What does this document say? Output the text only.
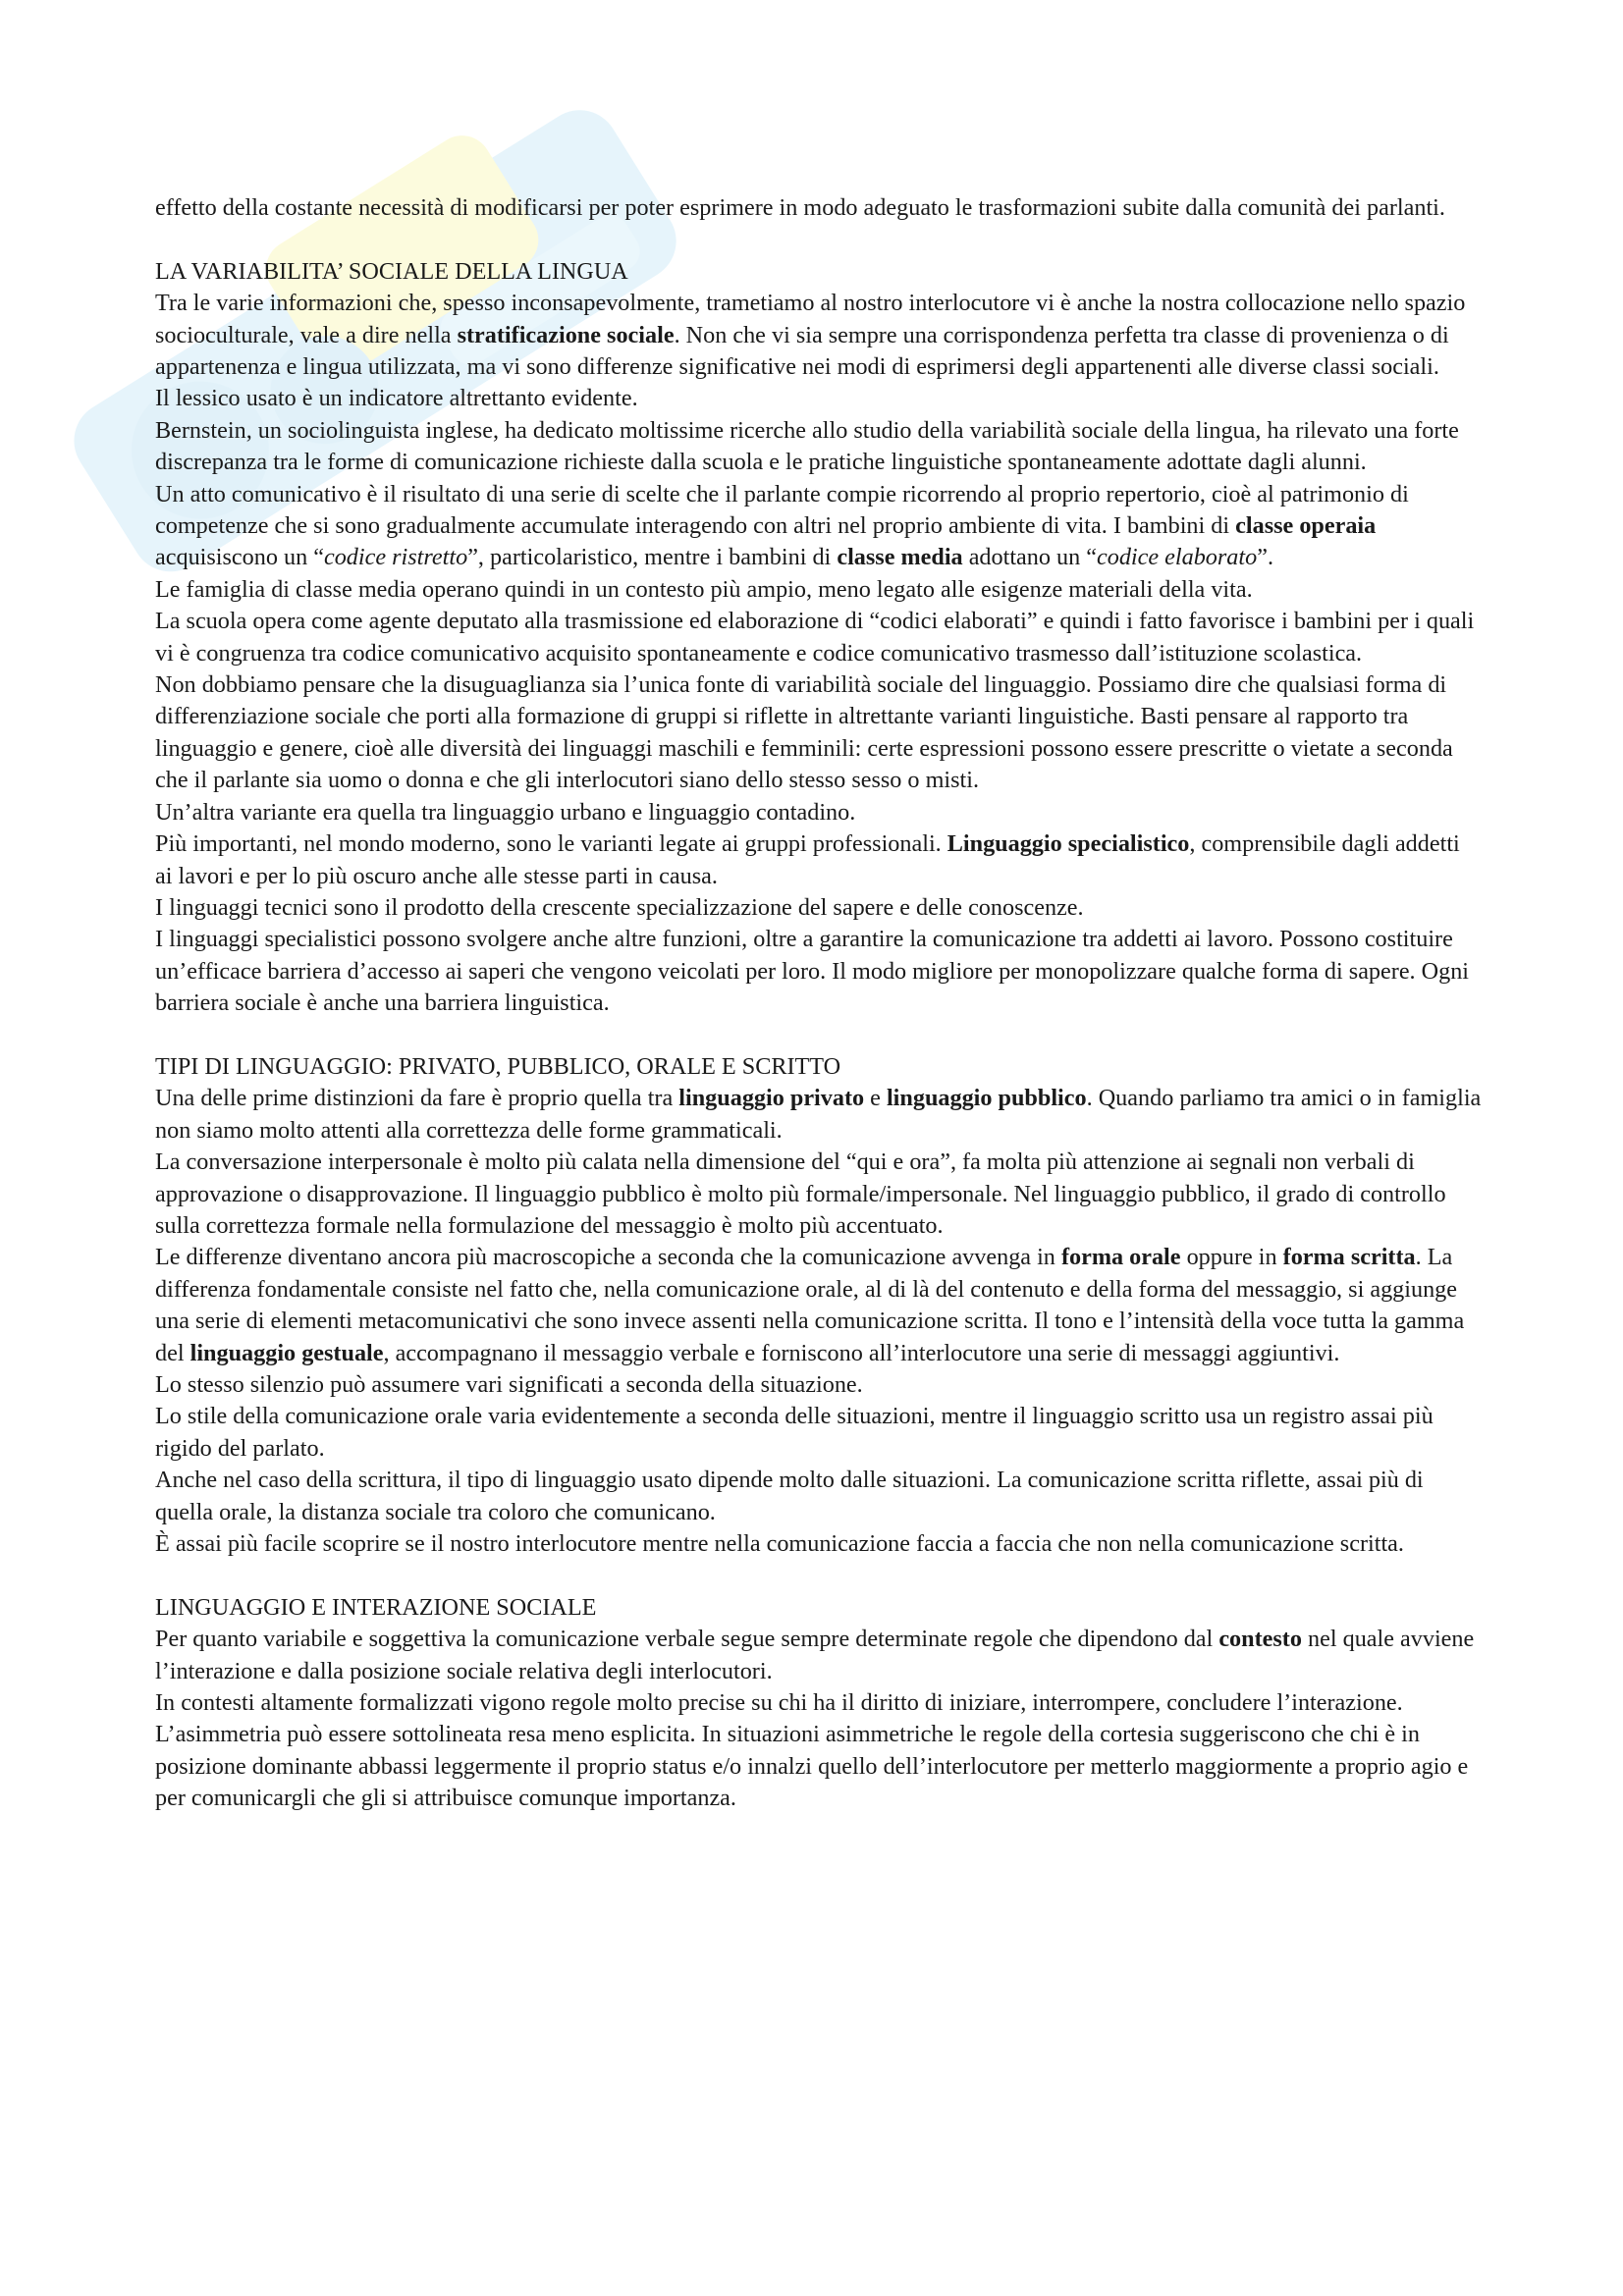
effetto della costante necessità di modificarsi per poter esprimere in modo adeguato le trasformazioni subite dalla comunità dei parlanti.

LA VARIABILITA’ SOCIALE DELLA LINGUA

Tra le varie informazioni che, spesso inconsapevolmente, trametiamo al nostro interlocutore vi è anche la nostra collocazione nello spazio socioculturale, vale a dire nella stratificazione sociale. Non che vi sia sempre una corrispondenza perfetta tra classe di provenienza o di appartenenza e lingua utilizzata, ma vi sono differenze significative nei modi di esprimersi degli appartenenti alle diverse classi sociali.

Il lessico usato è un indicatore altrettanto evidente.

Bernstein, un sociolinguista inglese, ha dedicato moltissime ricerche allo studio della variabilità sociale della lingua, ha rilevato una forte discrepanza tra le forme di comunicazione richieste dalla scuola e le pratiche linguistiche spontaneamente adottate dagli alunni.

Un atto comunicativo è il risultato di una serie di scelte che il parlante compie ricorrendo al proprio repertorio, cioè al patrimonio di competenze che si sono gradualmente accumulate interagendo con altri nel proprio ambiente di vita. I bambini di classe operaia acquisiscono un “codice ristretto”, particolaristico, mentre i bambini di classe media adottano un “codice elaborato”.

Le famiglia di classe media operano quindi in un contesto più ampio, meno legato alle esigenze materiali della vita.

La scuola opera come agente deputato alla trasmissione ed elaborazione di “codici elaborati” e quindi i fatto favorisce i bambini per i quali vi è congruenza tra codice comunicativo acquisito spontaneamente e codice comunicativo trasmesso dall’istituzione scolastica.

Non dobbiamo pensare che la disuguaglianza sia l’unica fonte di variabilità sociale del linguaggio. Possiamo dire che qualsiasi forma di differenziazione sociale che porti alla formazione di gruppi si riflette in altrettante varianti linguistiche. Basti pensare al rapporto tra linguaggio e genere, cioè alle diversità dei linguaggi maschili e femminili: certe espressioni possono essere prescritte o vietate a seconda che il parlante sia uomo o donna e che gli interlocutori siano dello stesso sesso o misti.

Un’altra variante era quella tra linguaggio urbano e linguaggio contadino.

Più importanti, nel mondo moderno, sono le varianti legate ai gruppi professionali. Linguaggio specialistico, comprensibile dagli addetti ai lavori e per lo più oscuro anche alle stesse parti in causa.

I linguaggi tecnici sono il prodotto della crescente specializzazione del sapere e delle conoscenze.

I linguaggi specialistici possono svolgere anche altre funzioni, oltre a garantire la comunicazione tra addetti ai lavoro. Possono costituire un’efficace barriera d’accesso ai saperi che vengono veicolati per loro. Il modo migliore per monopolizzare qualche forma di sapere. Ogni barriera sociale è anche una barriera linguistica.

TIPI DI LINGUAGGIO: PRIVATO, PUBBLICO, ORALE E SCRITTO

Una delle prime distinzioni da fare è proprio quella tra linguaggio privato e linguaggio pubblico. Quando parliamo tra amici o in famiglia non siamo molto attenti alla correttezza delle forme grammaticali.

La conversazione interpersonale è molto più calata nella dimensione del “qui e ora”, fa molta più attenzione ai segnali non verbali di approvazione o disapprovazione. Il linguaggio pubblico è molto più formale/impersonale. Nel linguaggio pubblico, il grado di controllo sulla correttezza formale nella formulazione del messaggio è molto più accentuato.

Le differenze diventano ancora più macroscopiche a seconda che la comunicazione avvenga in forma orale oppure in forma scritta. La differenza fondamentale consiste nel fatto che, nella comunicazione orale, al di là del contenuto e della forma del messaggio, si aggiunge una serie di elementi metacomunicativi che sono invece assenti nella comunicazione scritta. Il tono e l’intensità della voce tutta la gamma del linguaggio gestuale, accompagnano il messaggio verbale e forniscono all’interlocutore una serie di messaggi aggiuntivi.

Lo stesso silenzio può assumere vari significati a seconda della situazione.

Lo stile della comunicazione orale varia evidentemente a seconda delle situazioni, mentre il linguaggio scritto usa un registro assai più rigido del parlato.

Anche nel caso della scrittura, il tipo di linguaggio usato dipende molto dalle situazioni. La comunicazione scritta riflette, assai più di quella orale, la distanza sociale tra coloro che comunicano.

È assai più facile scoprire se il nostro interlocutore mentre nella comunicazione faccia a faccia che non nella comunicazione scritta.

LINGUAGGIO E INTERAZIONE SOCIALE

Per quanto variabile e soggettiva la comunicazione verbale segue sempre determinate regole che dipendono dal contesto nel quale avviene l’interazione e dalla posizione sociale relativa degli interlocutori.

In contesti altamente formalizzati vigono regole molto precise su chi ha il diritto di iniziare, interrompere, concludere l’interazione.

L’asimmetria può essere sottolineata resa meno esplicita. In situazioni asimmetriche le regole della cortesia suggeriscono che chi è in posizione dominante abbassi leggermente il proprio status e/o innalzi quello dell’interlocutore per metterlo maggiormente a proprio agio e per comunicargli che gli si attribuisce comunque importanza.
